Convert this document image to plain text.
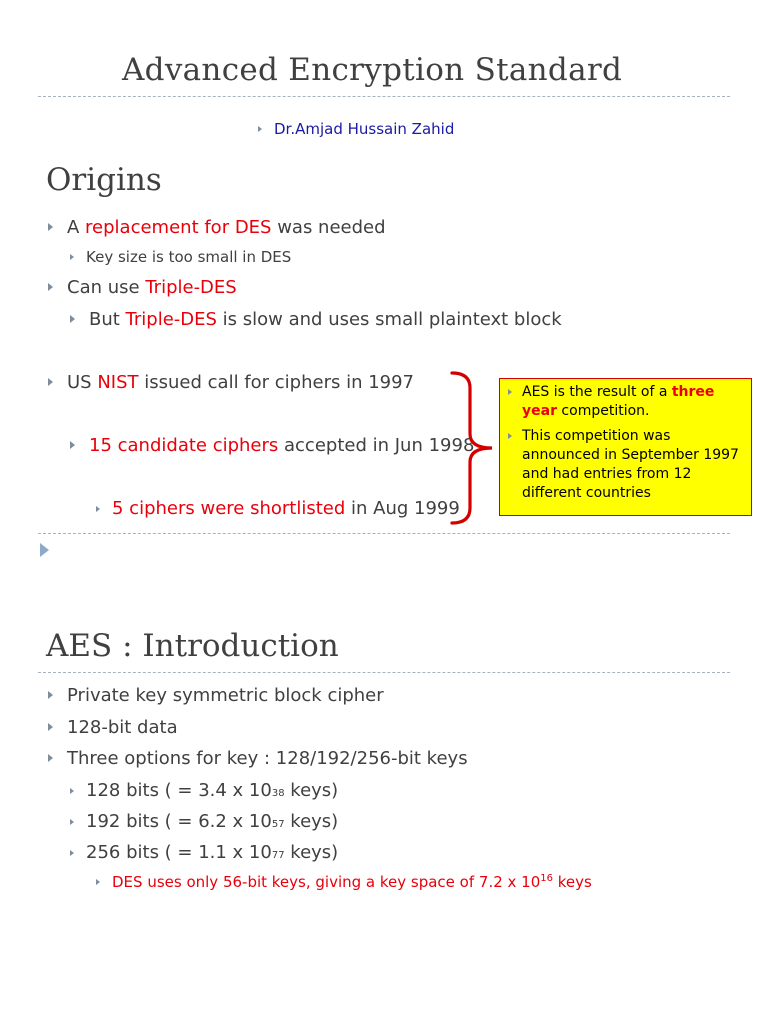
Advanced Encryption Standard
Dr.Amjad Hussain Zahid
Origins
A replacement for DES was needed
Key size is too small in DES
Can use Triple-DES
But Triple-DES is slow and uses small plaintext block
US NIST issued call for ciphers in 1997
15 candidate ciphers accepted in Jun 1998
5 ciphers were shortlisted in Aug 1999
AES is the result of a three year competition.
This competition was announced in September 1997 and had entries from 12 different countries
AES : Introduction
Private key symmetric block cipher
128-bit data
Three options for key : 128/192/256-bit keys
128 bits ( = 3.4 x 10 38 keys)
192 bits ( = 6.2 x 10 57 keys)
256 bits ( = 1.1 x 10 77 keys)
DES uses only 56-bit keys, giving a key space of 7.2 x $10^{16}$ keys
